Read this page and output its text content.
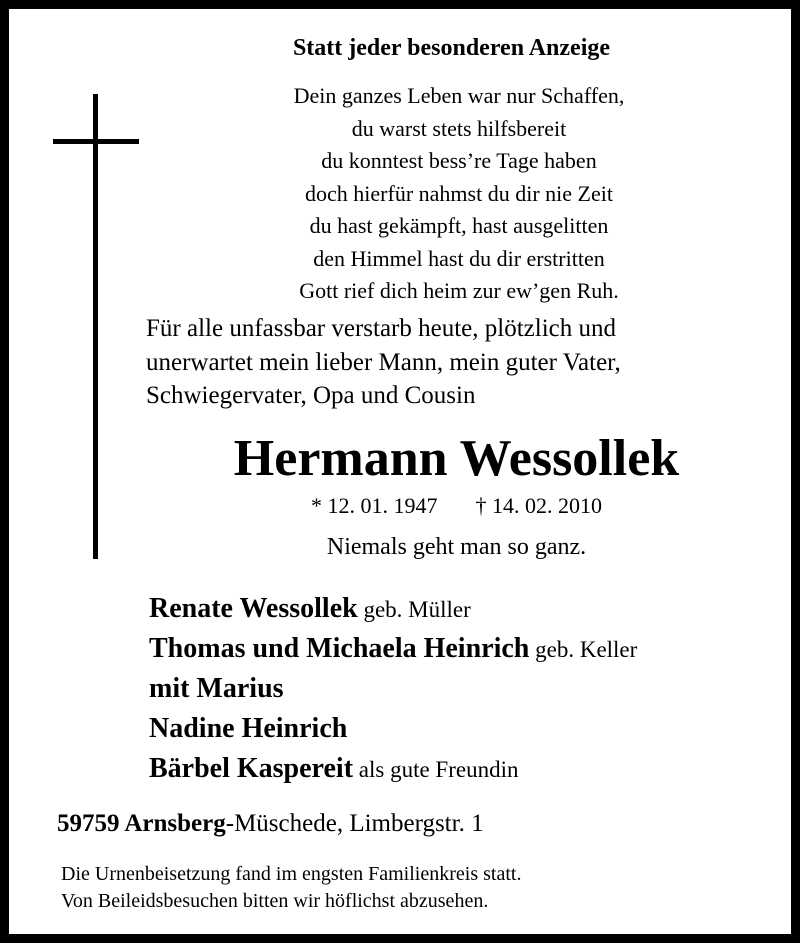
Statt jeder besonderen Anzeige
Dein ganzes Leben war nur Schaffen,
du warst stets hilfsbereit
du konntest bess’re Tage haben
doch hierfür nahmst du dir nie Zeit
du hast gekämpft, hast ausgelitten
den Himmel hast du dir erstritten
Gott rief dich heim zur ew’gen Ruh.
Für alle unfassbar verstarb heute, plötzlich und
unerwartet mein lieber Mann, mein guter Vater,
Schwiegervater, Opa und Cousin
Hermann Wessollek
* 12. 01. 1947 † 14. 02. 2010
Niemals geht man so ganz.
Renate Wessollek geb. Müller
Thomas und Michaela Heinrich geb. Keller
mit Marius
Nadine Heinrich
Bärbel Kaspereit als gute Freundin
59759 Arnsberg-Müschede, Limbergstr. 1
Die Urnenbeisetzung fand im engsten Familienkreis statt.
Von Beileidsbesuchen bitten wir höflichst abzusehen.
